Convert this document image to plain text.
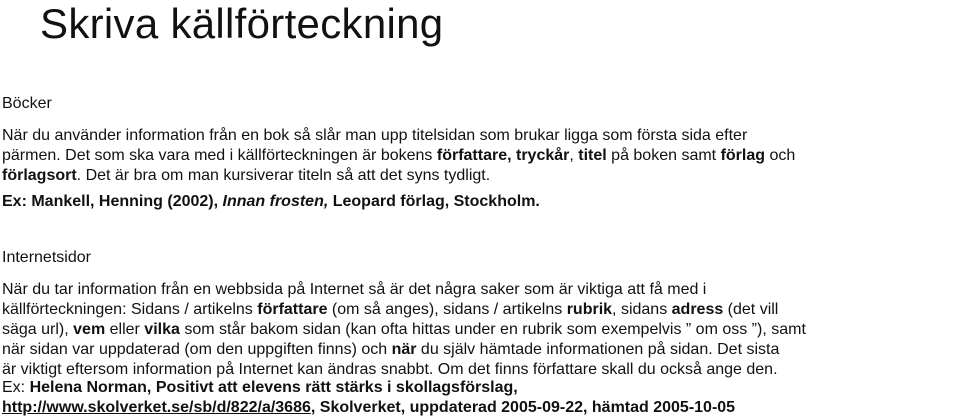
Skriva källförteckning

Böcker

När du använder information från en bok så slår man upp titelsidan som brukar ligga som första sida efter
pärmen. Det som ska vara med i källförteckningen är bokens författare, tryckår, titel på boken samt förlag och
förlagsort. Det är bra om man kursiverar titeln så att det syns tydligt.

Ex: Mankell, Henning (2002), Innan frosten, Leopard förlag, Stockholm.

Internetsidor

När du tar information från en webbsida på Internet så är det några saker som är viktiga att få med i
källförteckningen: Sidans / artikelns författare (om så anges), sidans / artikelns rubrik, sidans adress (det vill
säga url), vem eller vilka som står bakom sidan (kan ofta hittas under en rubrik som exempelvis ” om oss ”), samt
när sidan var uppdaterad (om den uppgiften finns) och när du själv hämtade informationen på sidan. Det sista
är viktigt eftersom information på Internet kan ändras snabbt. Om det finns författare skall du också ange den.

Ex: Helena Norman, Positivt att elevens rätt stärks i skollagsförslag,
http://www.skolverket.se/sb/d/822/a/3686, Skolverket, uppdaterad 2005-09-22, hämtad 2005-10-05
